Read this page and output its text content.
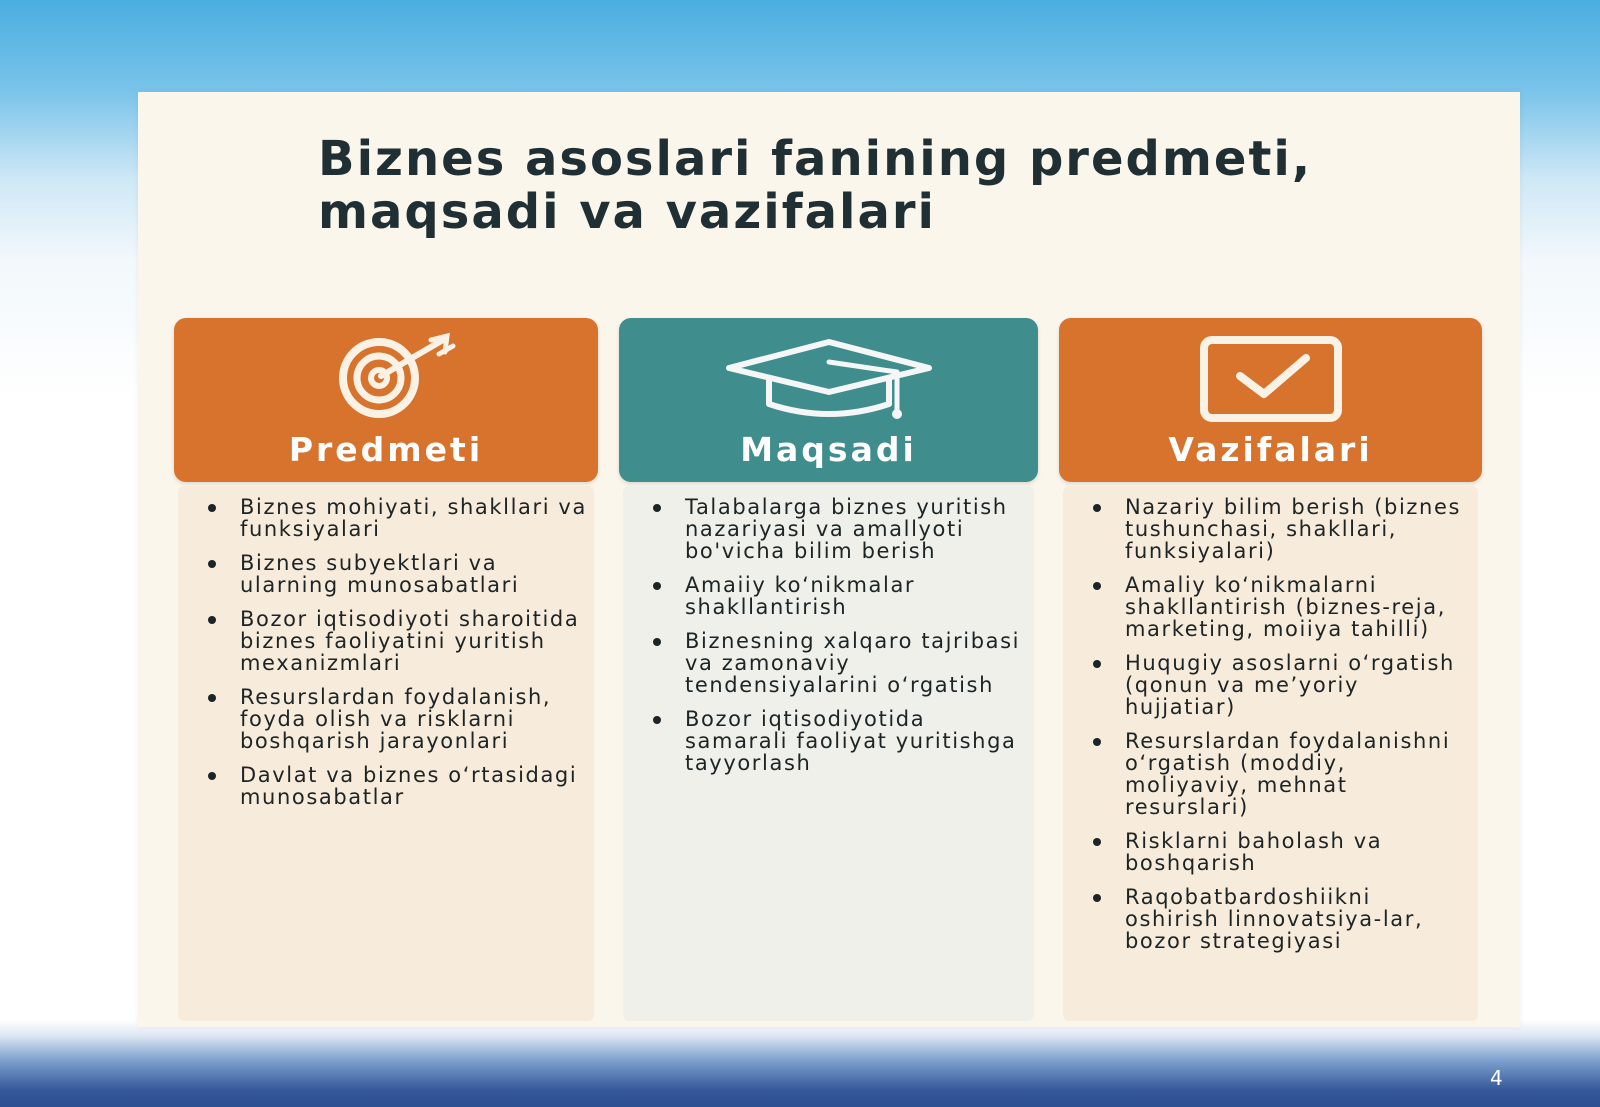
Biznes asoslari fanining predmeti, maqsadi va vazifalari
Predmeti
Biznes mohiyati, shakllari va funksiyalari
Biznes subyektlari va ularning munosabatlari
Bozor iqtisodiyoti sharoitida biznes faoliyatini yuritish mexanizmlari
Resurslardan foydalanish, foyda olish va risklarni boshqarish jarayonlari
Davlat va biznes o‘rtasidagi munosabatlar
Maqsadi
Talabalarga biznes yuritish nazariyasi va amallyoti bo'vicha bilim berish
Amaiiy ko‘nikmalar shakllantirish
Biznesning xalqaro tajribasi va zamonaviy tendensiyalarini o‘rgatish
Bozor iqtisodiyotida samarali faoliyat yuritishga tayyorlash
Vazifalari
Nazariy bilim berish (biznes tushunchasi, shakllari, funksiyalari)
Amaliy ko‘nikmalarni shakllantirish (biznes-reja, marketing, moiiya tahilli)
Huqugiy asoslarni o‘rgatish (qonun va me’yoriy hujjatiar)
Resurslardan foydalanishni o‘rgatish (moddiy, moliyaviy, mehnat resurslari)
Risklarni baholash va boshqarish
Raqobatbardoshiikni oshirish linnovatsiya-lar, bozor strategiyasi
4
